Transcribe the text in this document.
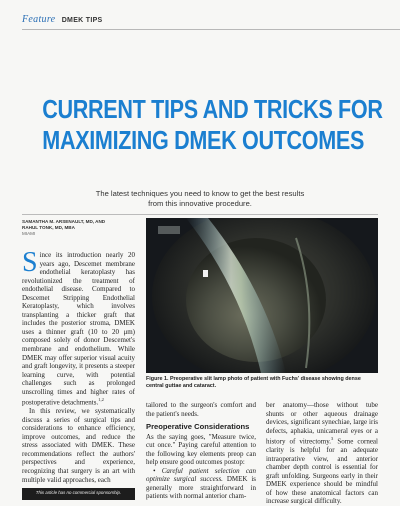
Feature DMEK TIPS
CURRENT TIPS AND TRICKS FOR
MAXIMIZING DMEK OUTCOMES
The latest techniques you need to know to get the best results
from this innovative procedure.
SAMANTHA M. ARSENAULT, MD, AND
RAHUL TONK, MD, MBA
MIAMI

Since its introduction nearly 20 years ago, Descemet membrane endothelial keratoplasty has revolutionized the treatment of endothelial disease. Compared to Descemet Stripping Endothelial Keratoplasty, which involves transplanting a thicker graft that includes the posterior stroma, DMEK uses a thinner graft (10 to 20 μm) composed solely of donor Descemet's membrane and endothelium. While DMEK may offer superior visual acuity and graft longevity, it presents a steeper learning curve, with potential challenges such as prolonged unscrolling times and higher rates of postoperative detachments.$^{1,2}$

In this review, we systematically discuss a series of surgical tips and considerations to enhance efficiency, improve outcomes, and reduce the stress associated with DMEK. These recommendations reflect the authors' perspectives and experience, recognizing that surgery is an art with multiple valid approaches, each

Figure 1. Preoperative slit lamp photo of patient with Fuchs' disease showing dense central guttae and cataract.

tailored to the surgeon's comfort and the patient's needs.

Preoperative Considerations

As the saying goes, "Measure twice, cut once." Paying careful attention to the following key elements preop can help ensure good outcomes postop:

• Careful patient selection can optimize surgical success. DMEK is generally more straightforward in patients with normal anterior cham-

ber anatomy—those without tube shunts or other aqueous drainage devices, significant synechiae, large iris defects, aphakia, unicameral eyes or a history of vitrectomy.$^3$ Some corneal clarity is helpful for an adequate intraoperative view, and anterior chamber depth control is essential for graft unfolding. Surgeons early in their DMEK experience should be mindful of how these anatomical factors can increase surgical difficulty.

This article has no commercial sponsorship.
